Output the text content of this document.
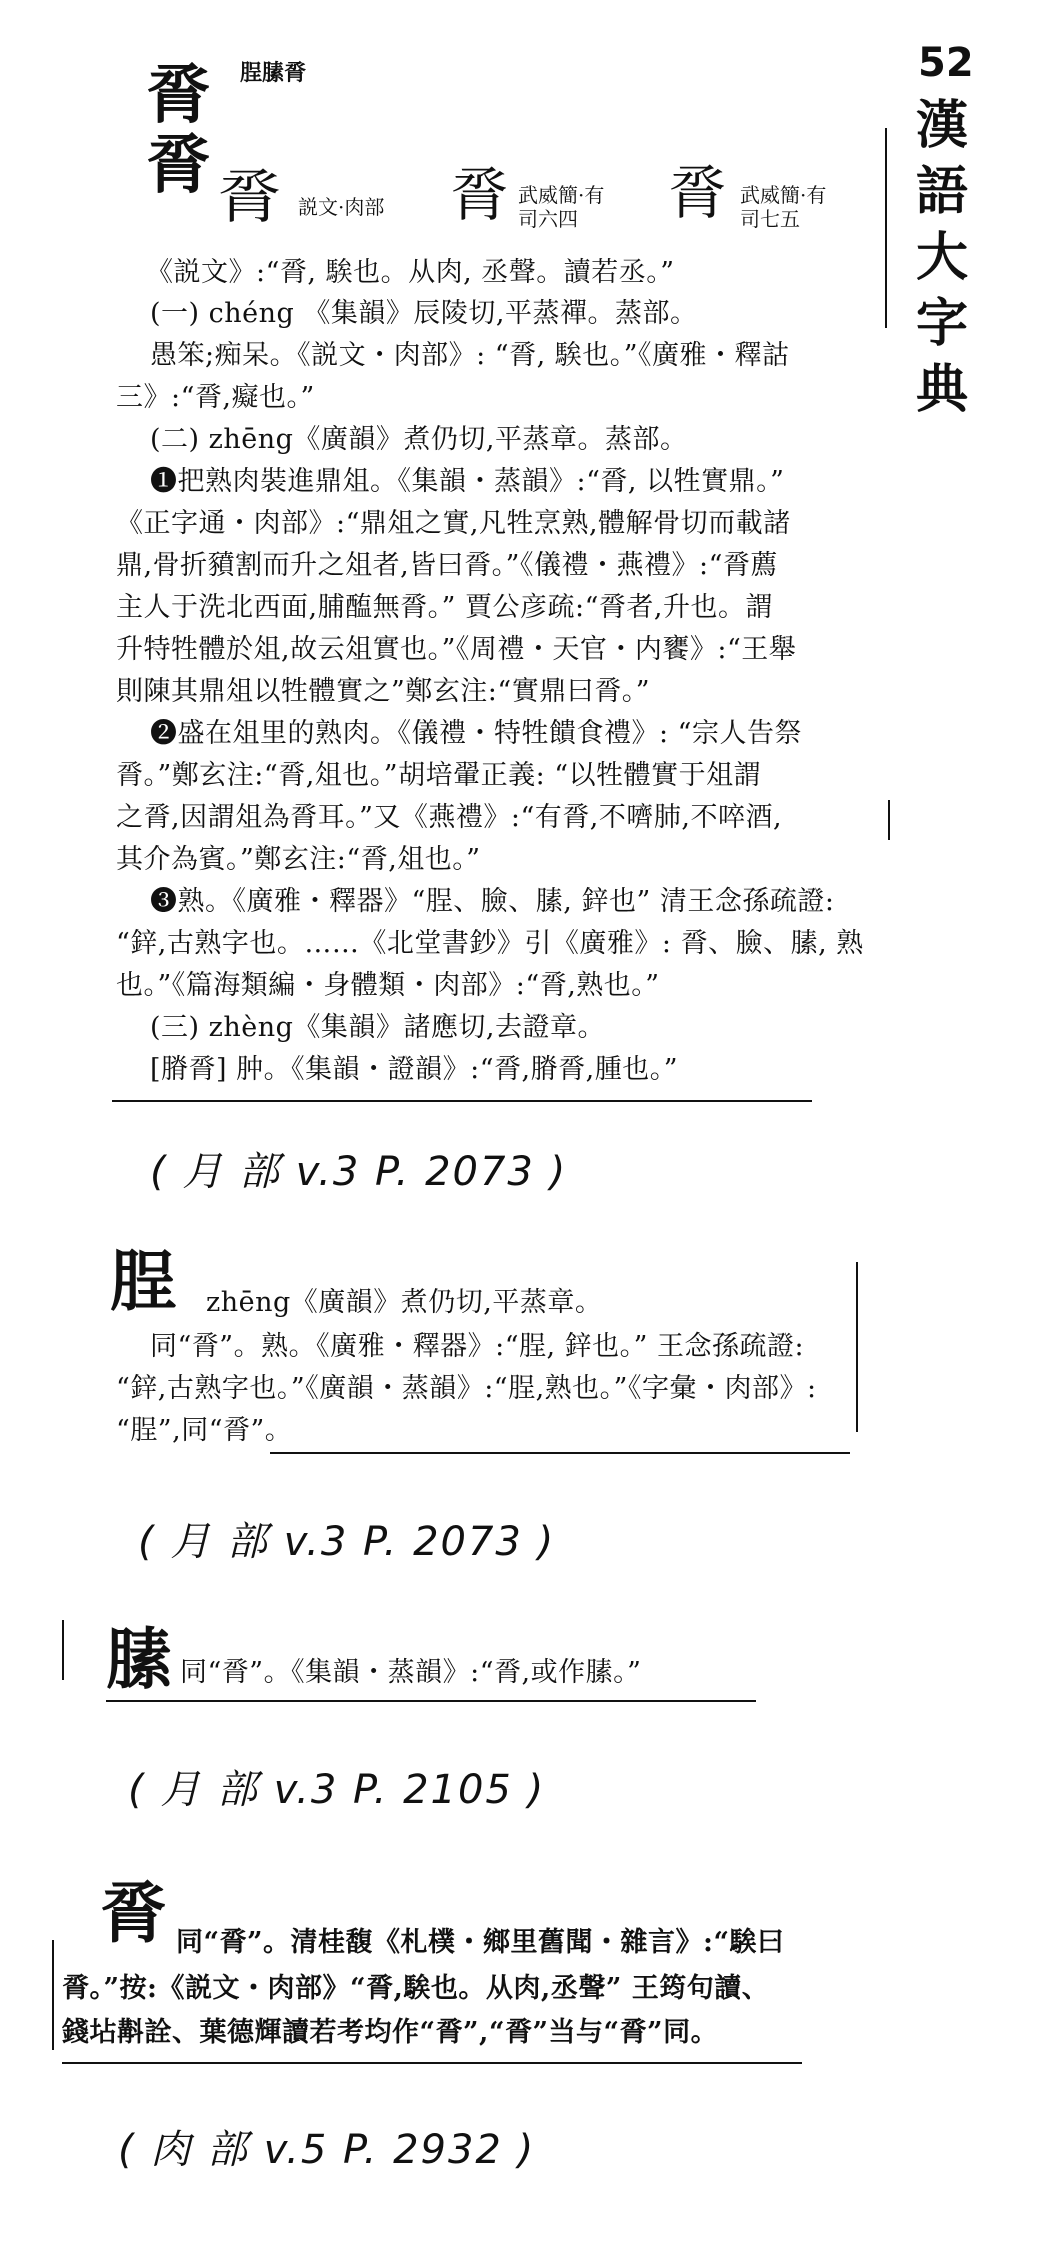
52
漢
語
大
字
典
脀 脭膆脀
脀 脀 説文·肉部 脀 武威簡·有
司六四 脀 武威簡·有
司七五
《説文》:“脀, 騃也。从肉, 丞聲。讀若丞。”
(一) chéng 《集韻》辰陵切,平蒸禪。蒸部。
愚笨;痴呆。《説文・肉部》: “脀, 騃也。”《廣雅・釋詁
三》:“脀,癡也。”
(二) zhēng《廣韻》煮仍切,平蒸章。蒸部。
❶把熟肉裝進鼎俎。《集韻・蒸韻》:“脀, 以牲實鼎。”
《正字通・肉部》:“鼎俎之實,凡牲烹熟,體解骨切而載諸
鼎,骨折豶割而升之俎者,皆曰脀。”《儀禮・燕禮》:“脀薦
主人于洗北西面,脯醢無脀。” 賈公彦疏:“脀者,升也。謂
升特牲體於俎,故云俎實也。”《周禮・天官・内饔》:“王舉
則陳其鼎俎以牲體實之”鄭玄注:“實鼎曰脀。”
❷盛在俎里的熟肉。《儀禮・特牲饋食禮》: “宗人告祭
脀。”鄭玄注:“脀,俎也。”胡培翬正義: “以牲體實于俎謂
之脀,因謂俎為脀耳。”又《燕禮》:“有脀,不嚌肺,不啐酒,
其介為賓。”鄭玄注:“脀,俎也。”
❸熟。《廣雅・釋器》“脭、臉、膆, 鋅也” 清王念孫疏證:
“鋅,古熟字也。……《北堂書鈔》引《廣雅》: 脀、臉、膆, 熟
也。”《篇海類編・身體類・肉部》:“脀,熟也。”
(三) zhèng《集韻》諸應切,去證章。
[膌脀] 肿。《集韻・證韻》:“脀,膌脀,腫也。”
( 月 部 v.3 P. 2073 )
脭 zhēng《廣韻》煮仍切,平蒸章。
同“脀”。熟。《廣雅・釋器》:“脭, 鋅也。” 王念孫疏證:
“鋅,古熟字也。”《廣韻・蒸韻》:“脭,熟也。”《字彙・肉部》:
“脭”,同“脀”。
( 月 部 v.3 P. 2073 )
膆 同“脀”。《集韻・蒸韻》:“脀,或作膆。”
( 月 部 v.3 P. 2105 )
脀 同“脀”。清桂馥《札樸・鄉里舊聞・雜言》:“騃曰
脀。”按:《説文・肉部》“脀,騃也。从肉,丞聲” 王筠句讀、
錢坫斠詮、葉德輝讀若考均作“脀”,“脀”当与“脀”同。
( 肉 部 v.5 P. 2932 )
